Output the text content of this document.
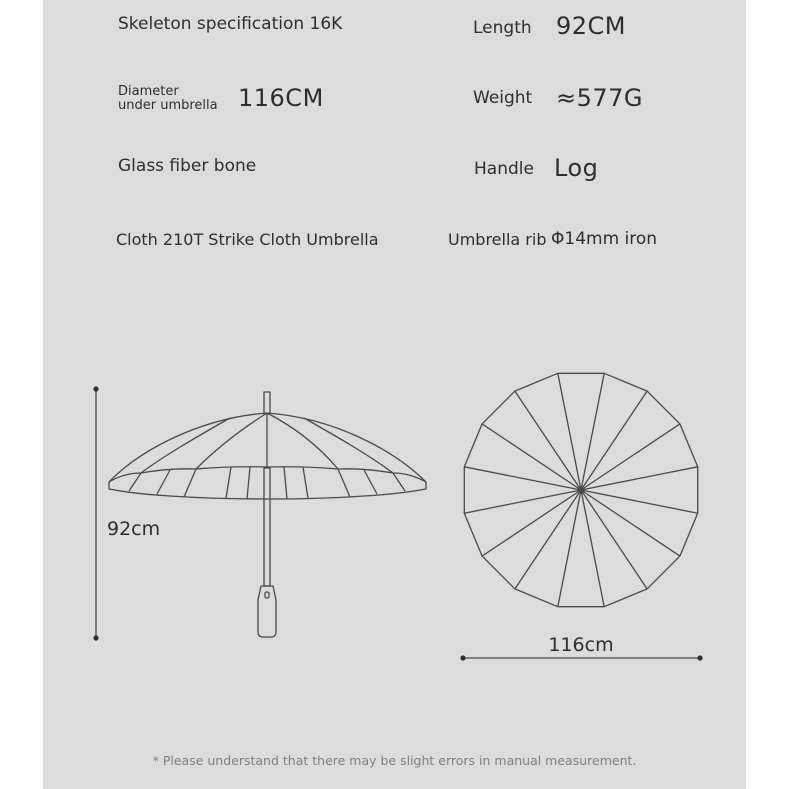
Skeleton specification 16K	Length 92CM
Diameter
under umbrella 116CM	Weight ≈577G
Glass fiber bone	Handle Log
Cloth 210T Strike Cloth Umbrella	Umbrella rib Φ14mm iron
92cm
116cm
* Please understand that there may be slight errors in manual measurement.
